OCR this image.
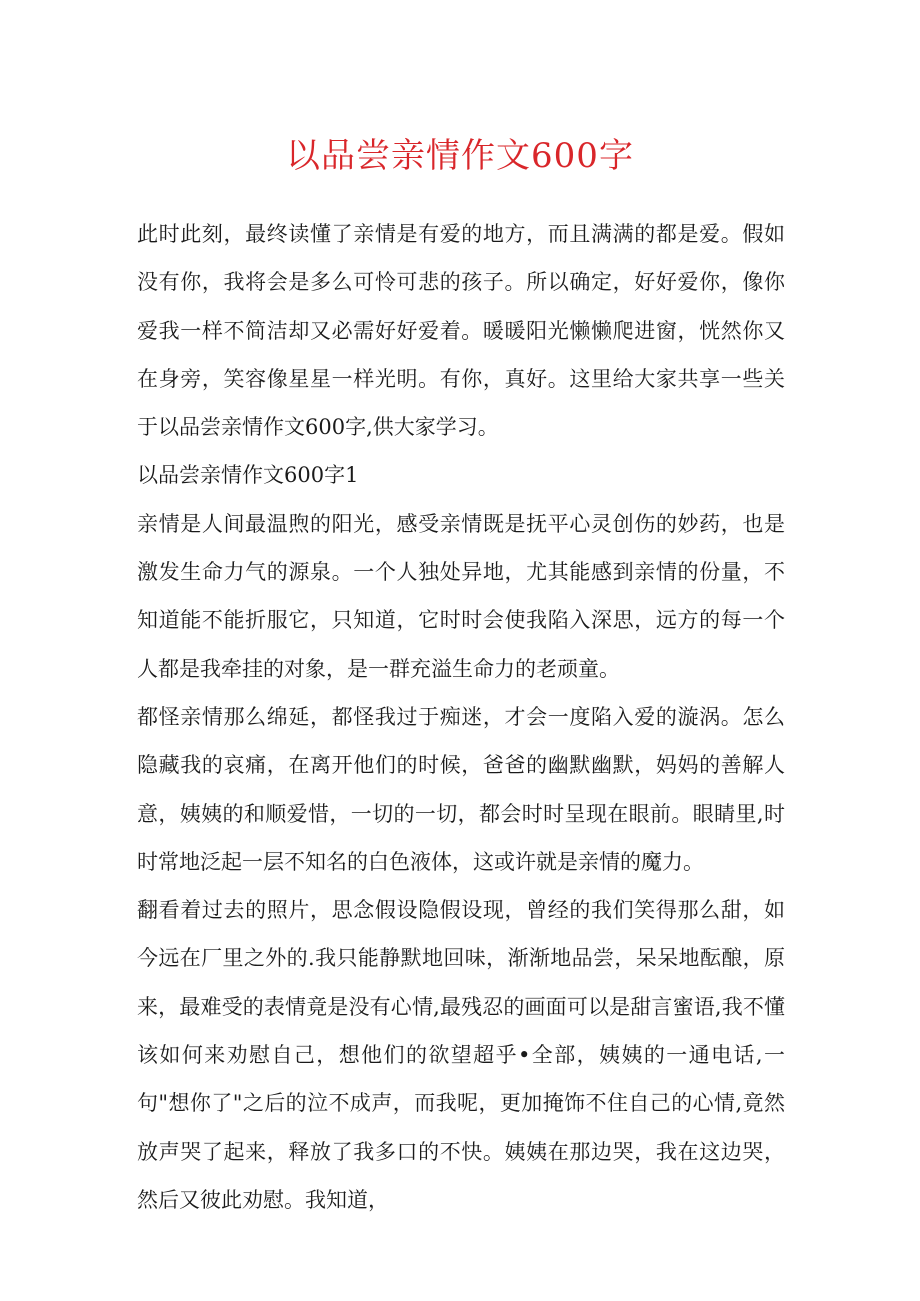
以品尝亲情作文600字

此时此刻，最终读懂了亲情是有爱的地方，而且满满的都是爱。假如没有你，我将会是多么可怜可悲的孩子。所以确定，好好爱你，像你爱我一样不简洁却又必需好好爱着。暖暖阳光懒懒爬进窗，恍然你又在身旁，笑容像星星一样光明。有你，真好。这里给大家共享一些关于以品尝亲情作文600字,供大家学习。

以品尝亲情作文600字1

亲情是人间最温煦的阳光，感受亲情既是抚平心灵创伤的妙药，也是激发生命力气的源泉。一个人独处异地，尤其能感到亲情的份量，不知道能不能折服它，只知道，它时时会使我陷入深思，远方的每一个人都是我牵挂的对象，是一群充溢生命力的老顽童。

都怪亲情那么绵延，都怪我过于痴迷，才会一度陷入爱的漩涡。怎么隐藏我的哀痛，在离开他们的时候，爸爸的幽默幽默，妈妈的善解人意，姨姨的和顺爱惜，一切的一切，都会时时呈现在眼前。眼睛里,时时常地泛起一层不知名的白色液体，这或许就是亲情的魔力。

翻看着过去的照片，思念假设隐假设现，曾经的我们笑得那么甜，如今远在厂里之外的.我只能静默地回味，渐渐地品尝，呆呆地酝酿，原来，最难受的表情竟是没有心情,最残忍的画面可以是甜言蜜语,我不懂该如何来劝慰自己，想他们的欲望超乎•全部，姨姨的一通电话,一句"想你了"之后的泣不成声，而我呢，更加掩饰不住自己的心情,竟然放声哭了起来，释放了我多口的不快。姨姨在那边哭，我在这边哭，然后又彼此劝慰。我知道，
